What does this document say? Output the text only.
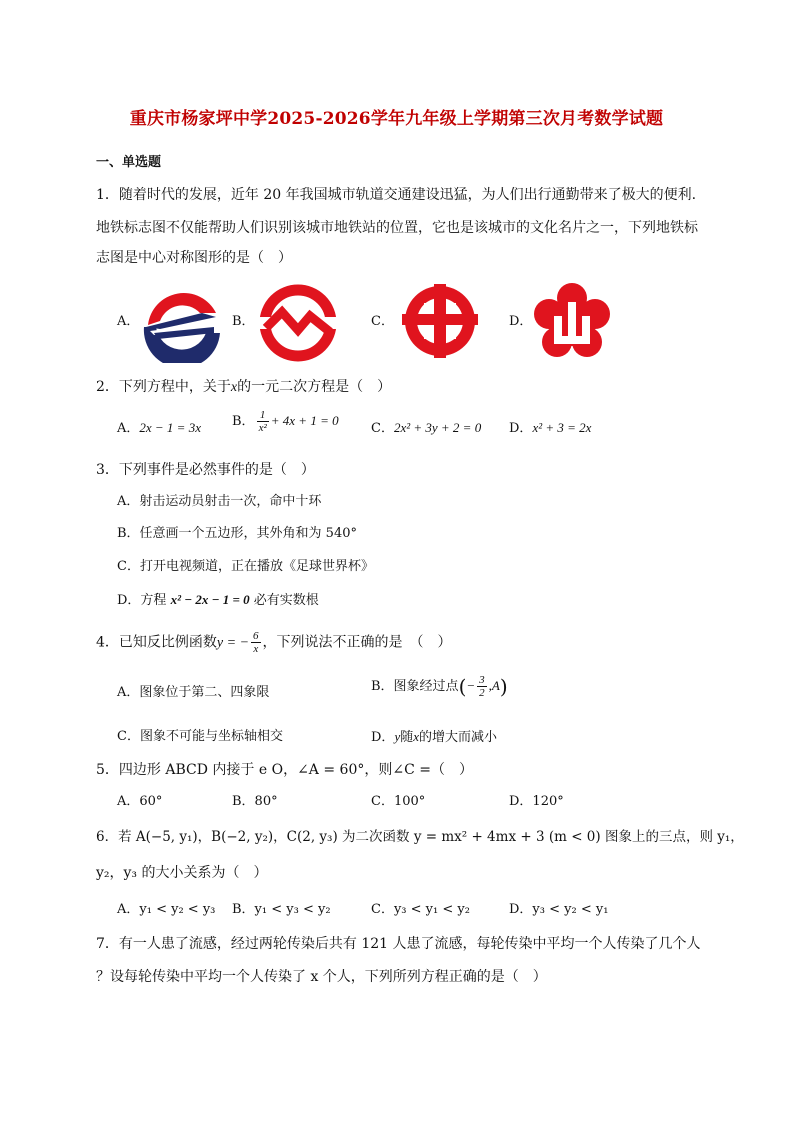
重庆市杨家坪中学2025-2026学年九年级上学期第三次月考数学试题
一、单选题
1．随着时代的发展，近年 20 年我国城市轨道交通建设迅猛，为人们出行通勤带来了极大的便利.
地铁标志图不仅能帮助人们识别该城市地铁站的位置，它也是该城市的文化名片之一，下列地铁标
志图是中心对称图形的是（　）
A．	B．	C．	D．
2．下列方程中，关于x的一元二次方程是（　）
A．2x − 1 = 3x B． $\frac{1}{\text{x²}} + 4x + 1 = 0$
C．2x² + 3y + 2 = 0 D．x² + 3 = 2x
3．下列事件是必然事件的是（　）
A．射击运动员射击一次，命中十环
B．任意画一个五边形，其外角和为 540°
C．打开电视频道，正在播放《足球世界杯》
D．方程 x² − 2x − 1 = 0 必有实数根
4．已知反比例函数y = − $\frac{6}{x}$ ，下列说法不正确的是　（　）
A．图象位于第二、四象限	B．图象经过点(− $\frac{3}{2} ,A$)
C．图象不可能与坐标轴相交	D．y随x的增大而减小
5．四边形 ABCD 内接于 e O，∠A = 60°，则∠C =（　）
A．60°	B．80°	C．100°	D．120°
6．若 A(−5, y₁)，B(−2, y₂)，C(2, y₃) 为二次函数 y = mx² + 4mx + 3 (m < 0) 图象上的三点，则 y₁，
y₂，y₃ 的大小关系为（　）
A．y₁ < y₂ < y₃ B．y₁ < y₃ < y₂	C．y₃ < y₁ < y₂	D．y₃ < y₂ < y₁
7．有一人患了流感，经过两轮传染后共有 121 人患了流感，每轮传染中平均一个人传染了几个人
？设每轮传染中平均一个人传染了 x 个人，下列所列方程正确的是（　）
